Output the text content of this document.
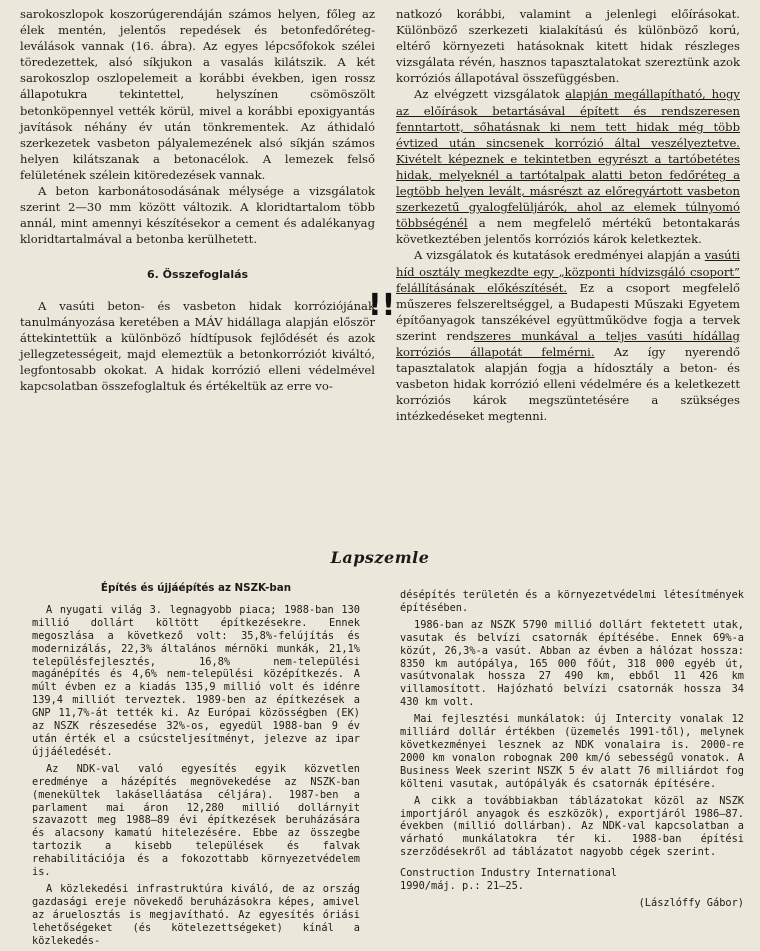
sarokoszlopok koszorúgerendáján számos helyen, főleg az élek mentén, jelentős repedések és betonfedőréteg-leválások vannak (16. ábra). Az egyes lépcsőfokok szélei töredezettek, alsó síkjukon a vasalás kilátszik. A két sarokoszlop oszlopelemeit a korábbi években, igen rossz állapotukra tekintettel, helyszínen csömöszölt betonköpennyel vették körül, mivel a korábbi epoxigyantás javítások néhány év után tönkrementek. Az áthidaló szerkezetek vasbeton pályalemezének alsó síkján számos helyen kilátszanak a betonacélok. A lemezek felső felületének szélein kitöredezések vannak.

A beton karbonátosodásának mélysége a vizsgálatok szerint 2—30 mm között változik. A kloridtartalom több annál, mint amennyi készítésekor a cement és adalékanyag kloridtartalmával a betonba kerülhetett.

6. Összefoglalás

A vasúti beton- és vasbeton hidak korróziójának tanulmányozása keretében a MÁV hidállaga alapján először áttekintettük a különböző hídtípusok fejlődését és azok jellegzetességeit, majd elemeztük a betonkorróziót kiváltó, legfontosabb okokat. A hidak korrózió elleni védelmével kapcsolatban összefoglaltuk és értékeltük az erre vo-

!!

natkozó korábbi, valamint a jelenlegi előírásokat. Különböző szerkezeti kialakítású és különböző korú, eltérő környezeti hatásoknak kitett hidak részleges vizsgálata révén, hasznos tapasztalatokat szereztünk azok korróziós állapotával összefüggésben.

Az elvégzett vizsgálatok alapján megállapítható, hogy az előírások betartásával épített és rendszeresen fenntartott, sőhatásnak ki nem tett hidak még több évtized után sincsenek korrózió által veszélyeztetve. Kivételt képeznek e tekintetben egyrészt a tartóbetétes hidak, melyeknél a tartótalpak alatti beton fedőréteg a legtöbb helyen levált, másrészt az előregyártott vasbeton szerkezetű gyalogfelüljárók, ahol az elemek túlnyomó többségénél a nem megfelelő mértékű betontakarás következtében jelentős korróziós károk keletkeztek.

A vizsgálatok és kutatások eredményei alapján a vasúti híd osztály megkezdte egy „központi hídvizsgáló csoport” felállításának előkészítését. Ez a csoport megfelelő műszeres felszereltséggel, a Budapesti Műszaki Egyetem építőanyagok tanszékével együttműködve fogja a tervek szerint rendszeres munkával a teljes vasúti hídállag korróziós állapotát felmérni. Az így nyerendő tapasztalatok alapján fogja a hídosztály a beton- és vasbeton hidak korrózió elleni védelmére és a keletkezett korróziós károk megszüntetésére a szükséges intézkedéseket megtenni.

Lapszemle
Építés és újjáépítés az NSZK-ban

A nyugati világ 3. legnagyobb piaca; 1988-ban 130 millió dollárt költött építkezésekre. Ennek megoszlása a következő volt: 35,8%-felújítás és modernizálás, 22,3% általános mérnöki munkák, 21,1% településfejlesztés, 16,8% nem-települési magánépítés és 4,6% nem-települési középítkezés. A múlt évben ez a kiadás 135,9 millió volt és idénre 139,4 milliót terveztek. 1989-ben az építkezések a GNP 11,7%-át tették ki. Az Európai közösségben (EK) az NSZK részesedése 32%-os, egyedül 1988-ban 9 év után érték el a csúcsteljesítményt, jelezve az ipar újjáéledését.

Az NDK-val való egyesítés egyik közvetlen eredménye a házépítés megnövekedése az NSZK-ban (menekültek lakáselláatása céljára). 1987-ben a parlament mai áron 12,280 millió dollárnyit szavazott meg 1988—89 évi építkezések beruházására és alacsony kamatú hitelezésére. Ebbe az összegbe tartozik a kisebb települések és falvak rehabilitációja és a fokozottabb környezetvédelem is.

A közlekedési infrastruktúra kiváló, de az ország gazdasági ereje növekedő beruházásokra képes, amivel az áruelosztás is megjavítható. Az egyesítés óriási lehetőségeket (és kötelezettségeket) kínál a közlekedés-

désépítés területén és a környezetvédelmi létesítmények építésében.

1986-ban az NSZK 5790 millió dollárt fektetett utak, vasutak és belvízi csatornák építésébe. Ennek 69%-a közút, 26,3%-a vasút. Abban az évben a hálózat hossza: 8350 km autópálya, 165 000 főút, 318 000 egyéb út, vasútvonalak hossza 27 490 km, ebből 11 426 km villamosított. Hajózható belvízi csatornák hossza 34 430 km volt.

Mai fejlesztési munkálatok: új Intercity vonalak 12 milliárd dollár értékben (üzemelés 1991-től), melynek következményei lesznek az NDK vonalaira is. 2000-re 2000 km vonalon robognak 200 km/ó sebességű vonatok. A Business Week szerint NSZK 5 év alatt 76 milliárdot fog költeni vasutak, autópályák és csatornák építésére.

A cikk a továbbiakban táblázatokat közöl az NSZK importjáról anyagok és eszközök), exportjáról 1986—87. években (millió dollárban). Az NDK-val kapcsolatban a várható munkálatokra tér ki. 1988-ban építési szerződésekről ad táblázatot nagyobb cégek szerint.

Construction Industry International
1990/máj. p.: 21—25.

(Lászlóffy Gábor)
